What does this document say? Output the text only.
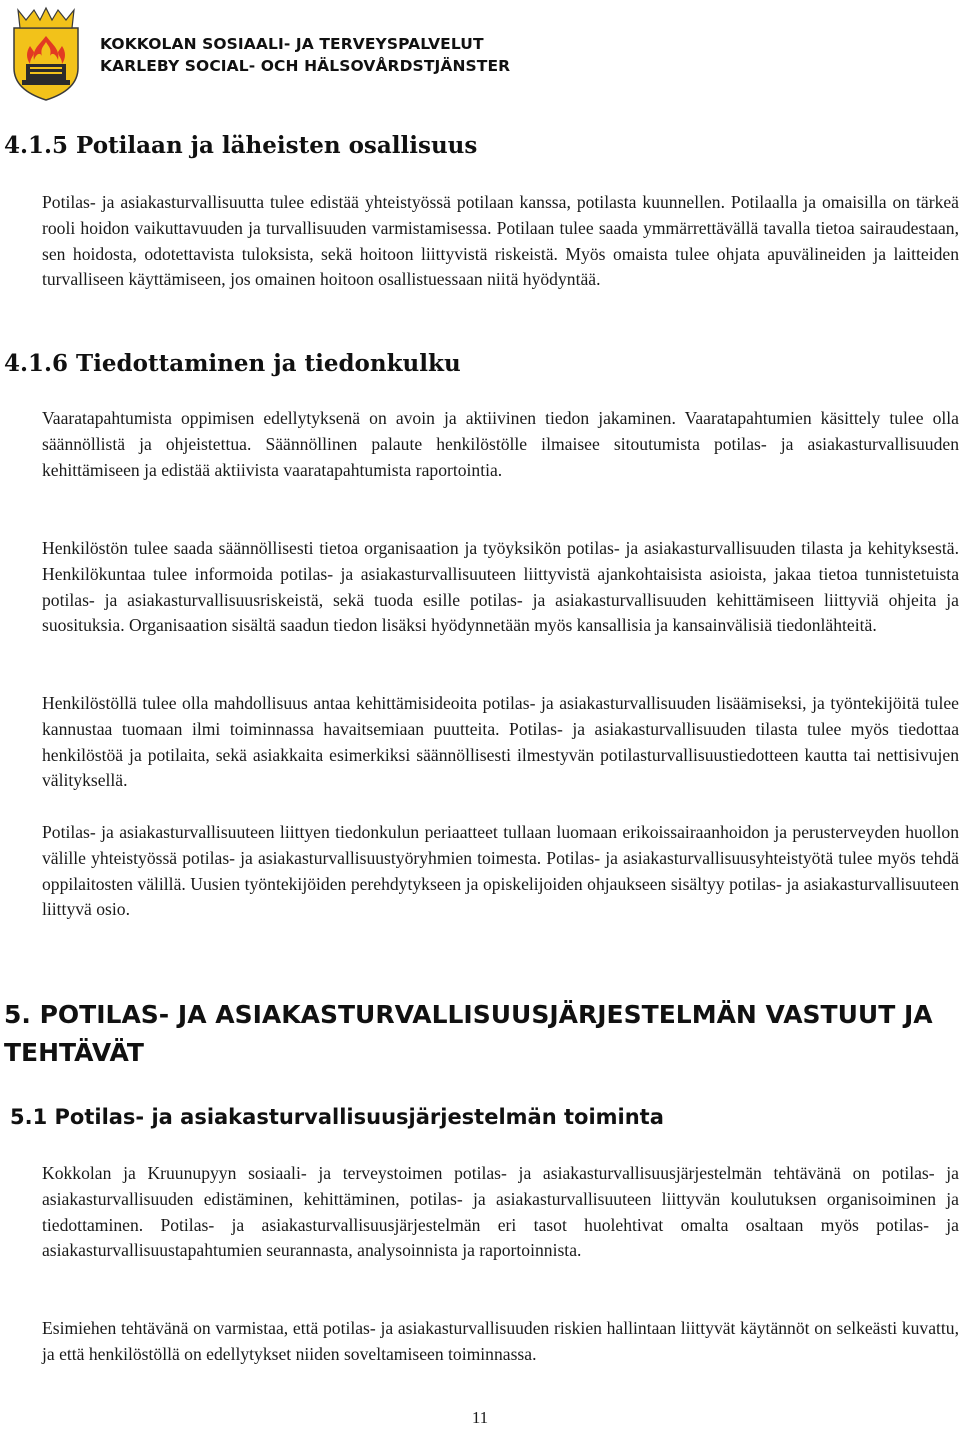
KOKKOLAN SOSIAALI- JA TERVEYSPALVELUT
KARLEBY SOCIAL- OCH HÄLSOVÅRDSTJÄNSTER
4.1.5 Potilaan ja läheisten osallisuus

Potilas- ja asiakasturvallisuutta tulee edistää yhteistyössä potilaan kanssa, potilasta kuunnellen. Potilaalla ja omaisilla on tärkeä rooli hoidon vaikuttavuuden ja turvallisuuden varmistamisessa. Potilaan tulee saada ymmärrettävällä tavalla tietoa sairaudestaan, sen hoidosta, odotettavista tuloksista, sekä hoitoon liittyvistä riskeistä. Myös omaista tulee ohjata apuvälineiden ja laitteiden turvalliseen käyttämiseen, jos omainen hoitoon osallistuessaan niitä hyödyntää.

4.1.6 Tiedottaminen ja tiedonkulku

Vaaratapahtumista oppimisen edellytyksenä on avoin ja aktiivinen tiedon jakaminen. Vaaratapahtumien käsittely tulee olla säännöllistä ja ohjeistettua. Säännöllinen palaute henkilöstölle ilmaisee sitoutumista potilas- ja asiakasturvallisuuden kehittämiseen ja edistää aktiivista vaaratapahtumista raportointia.

Henkilöstön tulee saada säännöllisesti tietoa organisaation ja työyksikön potilas- ja asiakasturvallisuuden tilasta ja kehityksestä. Henkilökuntaa tulee informoida potilas- ja asiakasturvallisuuteen liittyvistä ajankohtaisista asioista, jakaa tietoa tunnistetuista potilas- ja asiakasturvallisuusriskeistä, sekä tuoda esille potilas- ja asiakasturvallisuuden kehittämiseen liittyviä ohjeita ja suosituksia. Organisaation sisältä saadun tiedon lisäksi hyödynnetään myös kansallisia ja kansainvälisiä tiedonlähteitä.

Henkilöstöllä tulee olla mahdollisuus antaa kehittämisideoita potilas- ja asiakasturvallisuuden lisäämiseksi, ja työntekijöitä tulee kannustaa tuomaan ilmi toiminnassa havaitsemiaan puutteita. Potilas- ja asiakasturvallisuuden tilasta tulee myös tiedottaa henkilöstöä ja potilaita, sekä asiakkaita esimerkiksi säännöllisesti ilmestyvän potilasturvallisuustiedotteen kautta tai nettisivujen välityksellä.

Potilas- ja asiakasturvallisuuteen liittyen tiedonkulun periaatteet tullaan luomaan erikoissairaanhoidon ja perusterveyden huollon välille yhteistyössä potilas- ja asiakasturvallisuustyöryhmien toimesta. Potilas- ja asiakasturvallisuusyhteistyötä tulee myös tehdä oppilaitosten välillä. Uusien työntekijöiden perehdytykseen ja opiskelijoiden ohjaukseen sisältyy potilas- ja asiakasturvallisuuteen liittyvä osio.

5. POTILAS- JA ASIAKASTURVALLISUUSJÄRJESTELMÄN VASTUUT JA TEHTÄVÄT
5.1 Potilas- ja asiakasturvallisuusjärjestelmän toiminta

Kokkolan ja Kruunupyyn sosiaali- ja terveystoimen potilas- ja asiakasturvallisuusjärjestelmän tehtävänä on potilas- ja asiakasturvallisuuden edistäminen, kehittäminen, potilas- ja asiakasturvallisuuteen liittyvän koulutuksen organisoiminen ja tiedottaminen. Potilas- ja asiakasturvallisuusjärjestelmän eri tasot huolehtivat omalta osaltaan myös potilas- ja asiakasturvallisuustapahtumien seurannasta, analysoinnista ja raportoinnista.

Esimiehen tehtävänä on varmistaa, että potilas- ja asiakasturvallisuuden riskien hallintaan liittyvät käytännöt on selkeästi kuvattu, ja että henkilöstöllä on edellytykset niiden soveltamiseen toiminnassa.

11
